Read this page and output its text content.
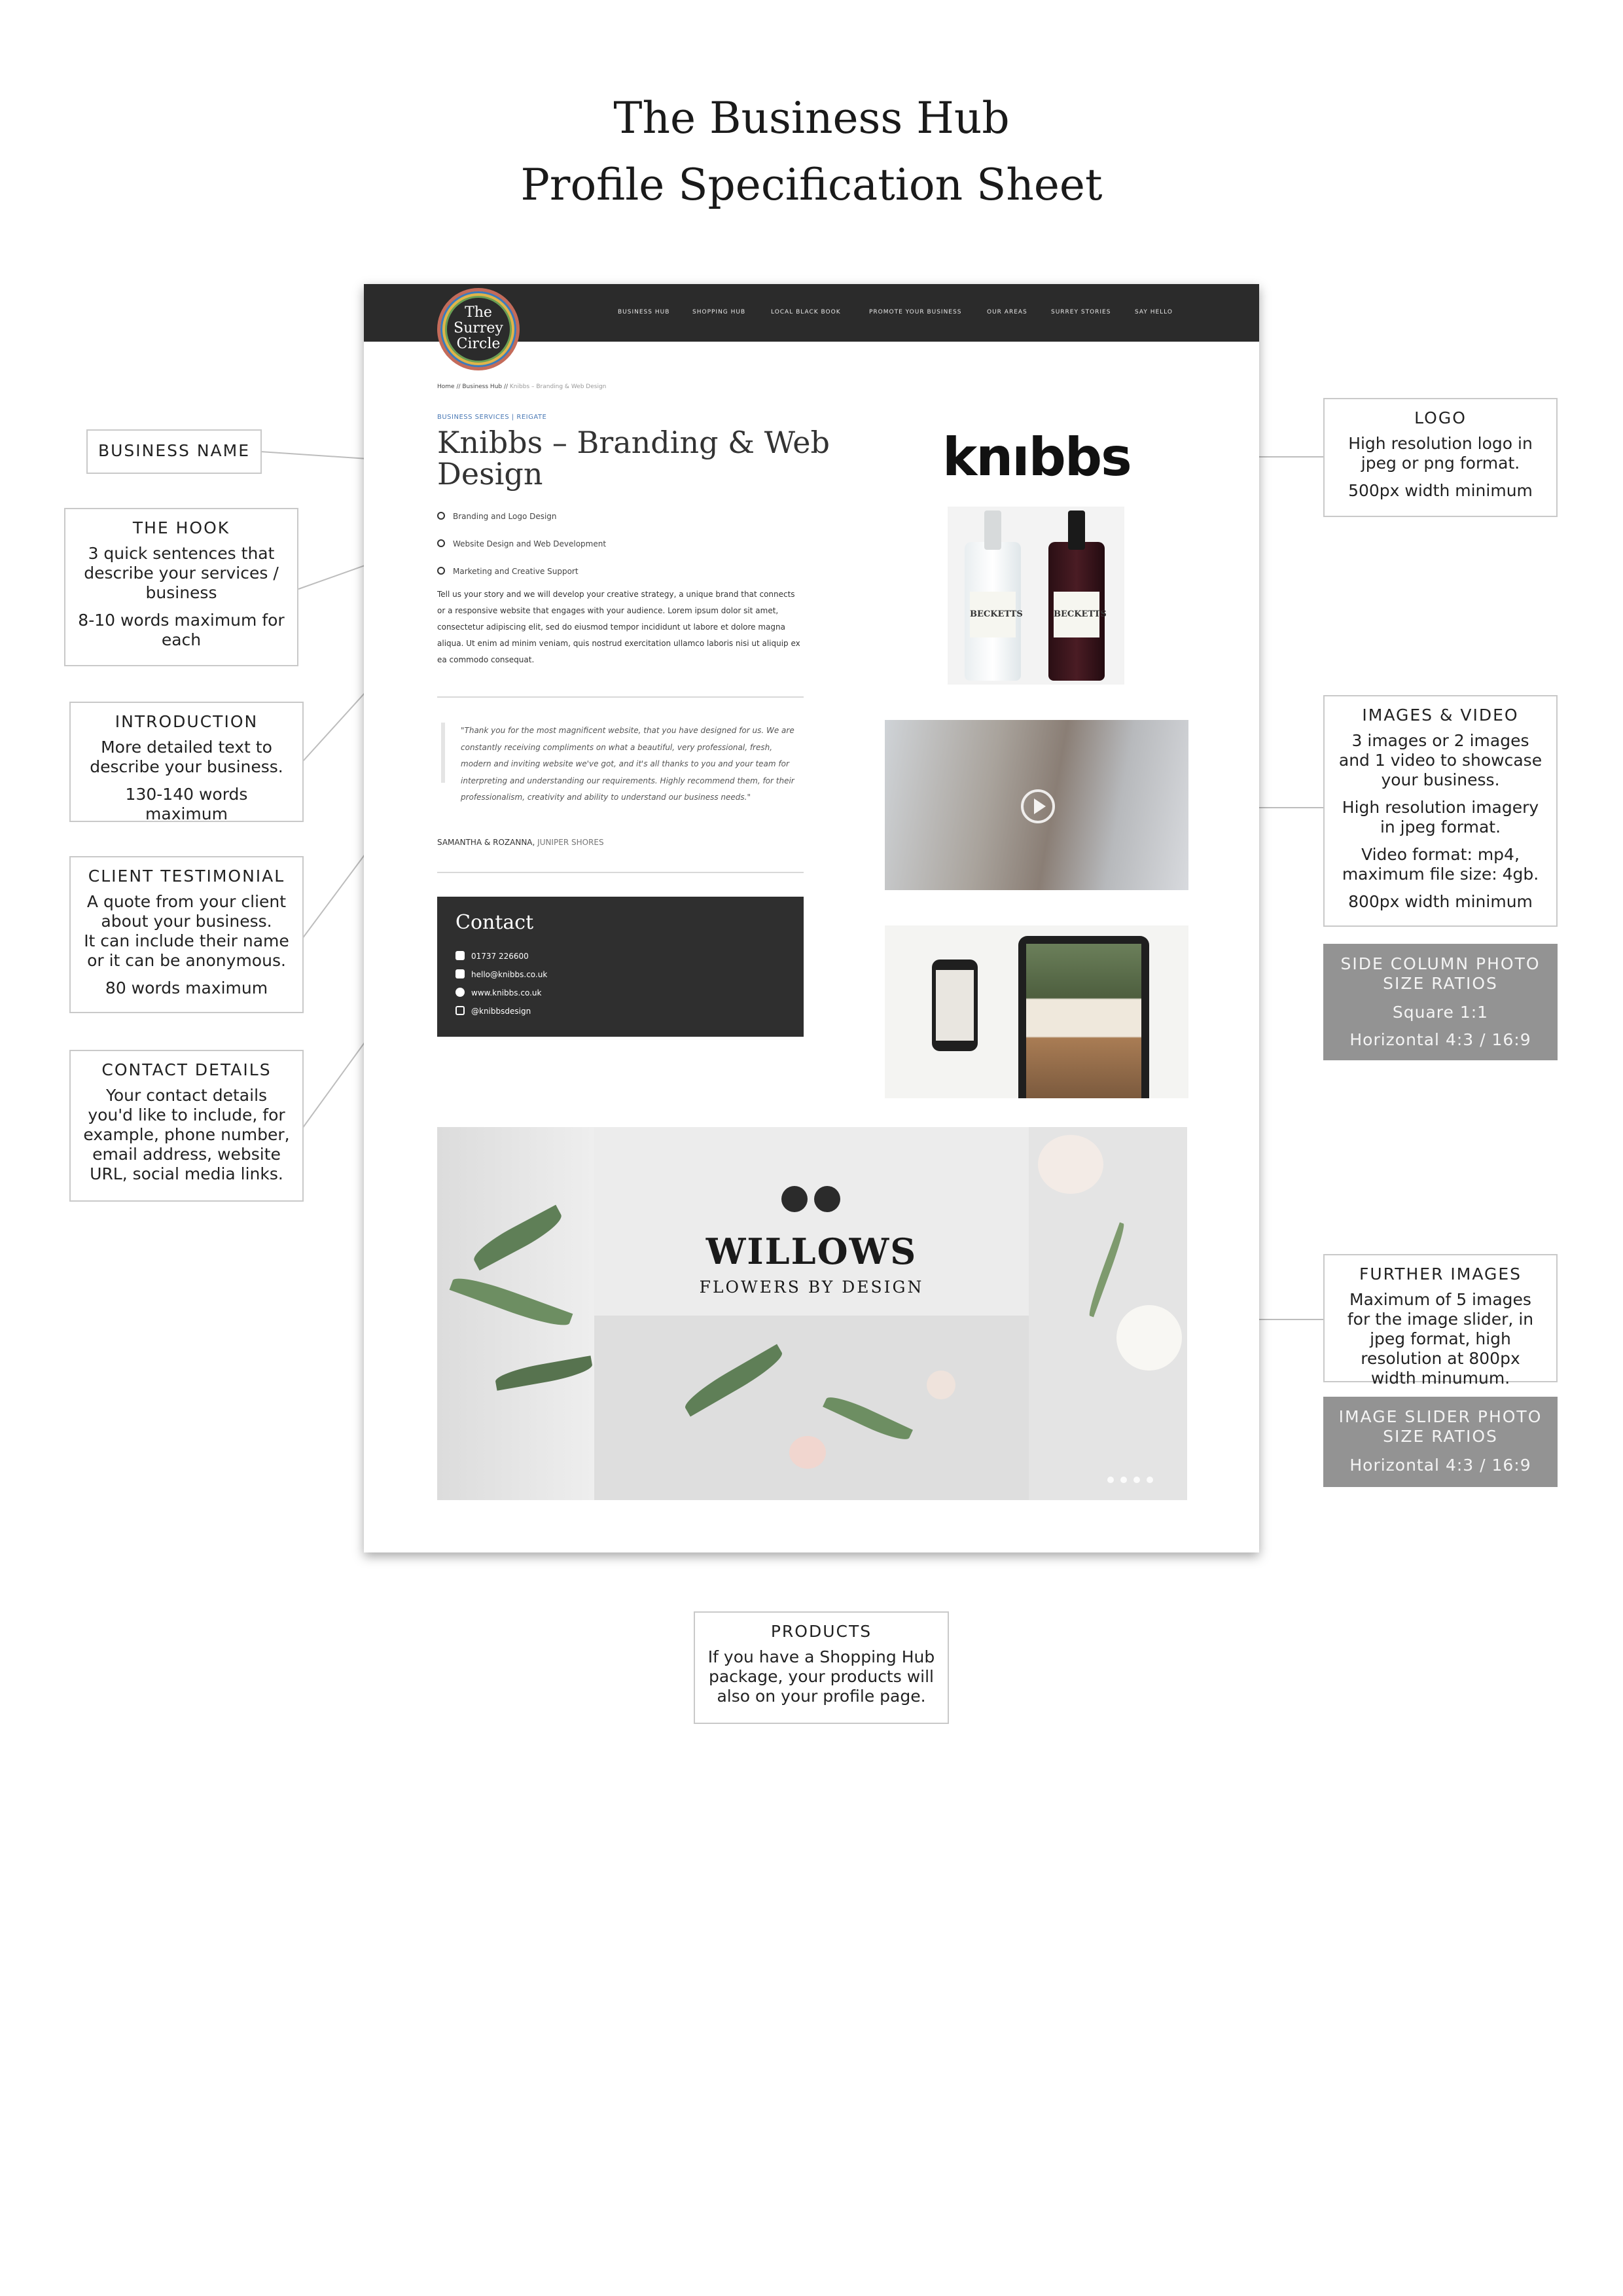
The Business Hub
Profile Specification Sheet
BUSINESS NAME
THE HOOK
3 quick sentences that describe your services / business
8-10 words maximum for each
INTRODUCTION
More detailed text to describe your business.
130-140 words maximum
CLIENT TESTIMONIAL
A quote from your client about your business.
It can include their name or it can be anonymous.
80 words maximum
CONTACT DETAILS
Your contact details you'd like to include, for example, phone number, email address, website URL, social media links.
LOGO
High resolution logo in jpeg or png format.
500px width minimum
IMAGES & VIDEO
3 images or 2 images and 1 video to showcase your business.
High resolution imagery in jpeg format.
Video format: mp4, maximum file size: 4gb.
800px width minimum
SIDE COLUMN PHOTO SIZE RATIOS
Square 1:1
Horizontal 4:3 / 16:9
FURTHER IMAGES
Maximum of 5 images for the image slider, in jpeg format, high resolution at 800px width minumum.
IMAGE SLIDER PHOTO SIZE RATIOS
Horizontal 4:3 / 16:9
PRODUCTS
If you have a Shopping Hub package, your products will also on your profile page.
BUSINESS HUB	SHOPPING HUB	LOCAL BLACK BOOK	PROMOTE YOUR BUSINESS	OUR AREAS	SURREY STORIES	SAY HELLO
The
Surrey
Circle
Home // Business Hub // Knibbs – Branding & Web Design
BUSINESS SERVICES | REIGATE
Knibbs – Branding & Web Design
Branding and Logo Design
Website Design and Web Development
Marketing and Creative Support
Tell us your story and we will develop your creative strategy, a unique brand that connects or a responsive website that engages with your audience. Lorem ipsum dolor sit amet, consectetur adipiscing elit, sed do eiusmod tempor incididunt ut labore et dolore magna aliqua. Ut enim ad minim veniam, quis nostrud exercitation ullamco laboris nisi ut aliquip ex ea commodo consequat.
"Thank you for the most magnificent website, that you have designed for us. We are constantly receiving compliments on what a beautiful, very professional, fresh, modern and inviting website we've got, and it's all thanks to you and your team for interpreting and understanding our requirements. Highly recommend them, for their professionalism, creativity and ability to understand our business needs."
SAMANTHA & ROZANNA, JUNIPER SHORES
Contact
01737 226600
hello@knibbs.co.uk
www.knibbs.co.uk
@knibbsdesign
knıbbs
BECKETTS	BECKETTS
WILLOWS
FLOWERS BY DESIGN
